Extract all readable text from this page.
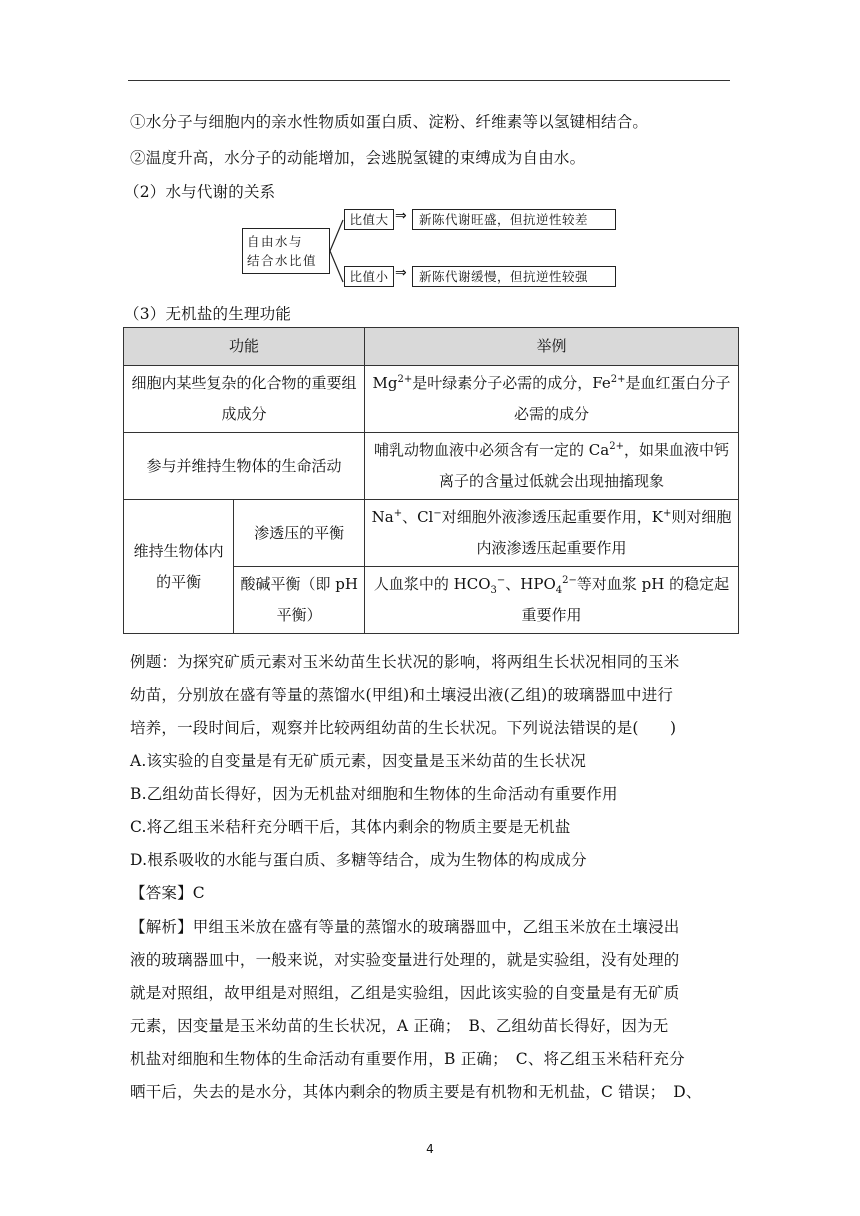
①水分子与细胞内的亲水性物质如蛋白质、淀粉、纤维素等以氢键相结合。
②温度升高，水分子的动能增加，会逃脱氢键的束缚成为自由水。
（2）水与代谢的关系
自由水与
结合水比值
比值大
比值小
⇒
⇒
新陈代谢旺盛，但抗逆性较差
新陈代谢缓慢，但抗逆性较强
（3）无机盐的生理功能
功能		举例
细胞内某些复杂的化合物的重要组成成分		$Mg^{2+}$是叶绿素分子必需的成分，$Fe^{2+}$是血红蛋白分子必需的成分
参与并维持生物体的生命活动		哺乳动物血液中必须含有一定的 $Ca^{2+}$，如果血液中钙离子的含量过低就会出现抽搐现象
维持生物体内的平衡	渗透压的平衡	Na+、Cl−对细胞外液渗透压起重要作用，K+则对细胞内液渗透压起重要作用
	酸碱平衡（即 pH 平衡）	人血浆中的 $HCO_3^-$、$HPO_4^{2-}$等对血浆 pH 的稳定起重要作用
例题：为探究矿质元素对玉米幼苗生长状况的影响，将两组生长状况相同的玉米
幼苗，分别放在盛有等量的蒸馏水(甲组)和土壤浸出液(乙组)的玻璃器皿中进行
培养，一段时间后，观察并比较两组幼苗的生长状况。下列说法错误的是(　　)
A.该实验的自变量是有无矿质元素，因变量是玉米幼苗的生长状况
B.乙组幼苗长得好，因为无机盐对细胞和生物体的生命活动有重要作用
C.将乙组玉米秸秆充分晒干后，其体内剩余的物质主要是无机盐
D.根系吸收的水能与蛋白质、多糖等结合，成为生物体的构成成分
【答案】C
【解析】甲组玉米放在盛有等量的蒸馏水的玻璃器皿中，乙组玉米放在土壤浸出
液的玻璃器皿中，一般来说，对实验变量进行处理的，就是实验组，没有处理的
就是对照组，故甲组是对照组，乙组是实验组，因此该实验的自变量是有无矿质
元素，因变量是玉米幼苗的生长状况，A 正确；　B、乙组幼苗长得好，因为无
机盐对细胞和生物体的生命活动有重要作用，B 正确；　C、将乙组玉米秸秆充分
晒干后，失去的是水分，其体内剩余的物质主要是有机物和无机盐，C 错误；　D、
4
